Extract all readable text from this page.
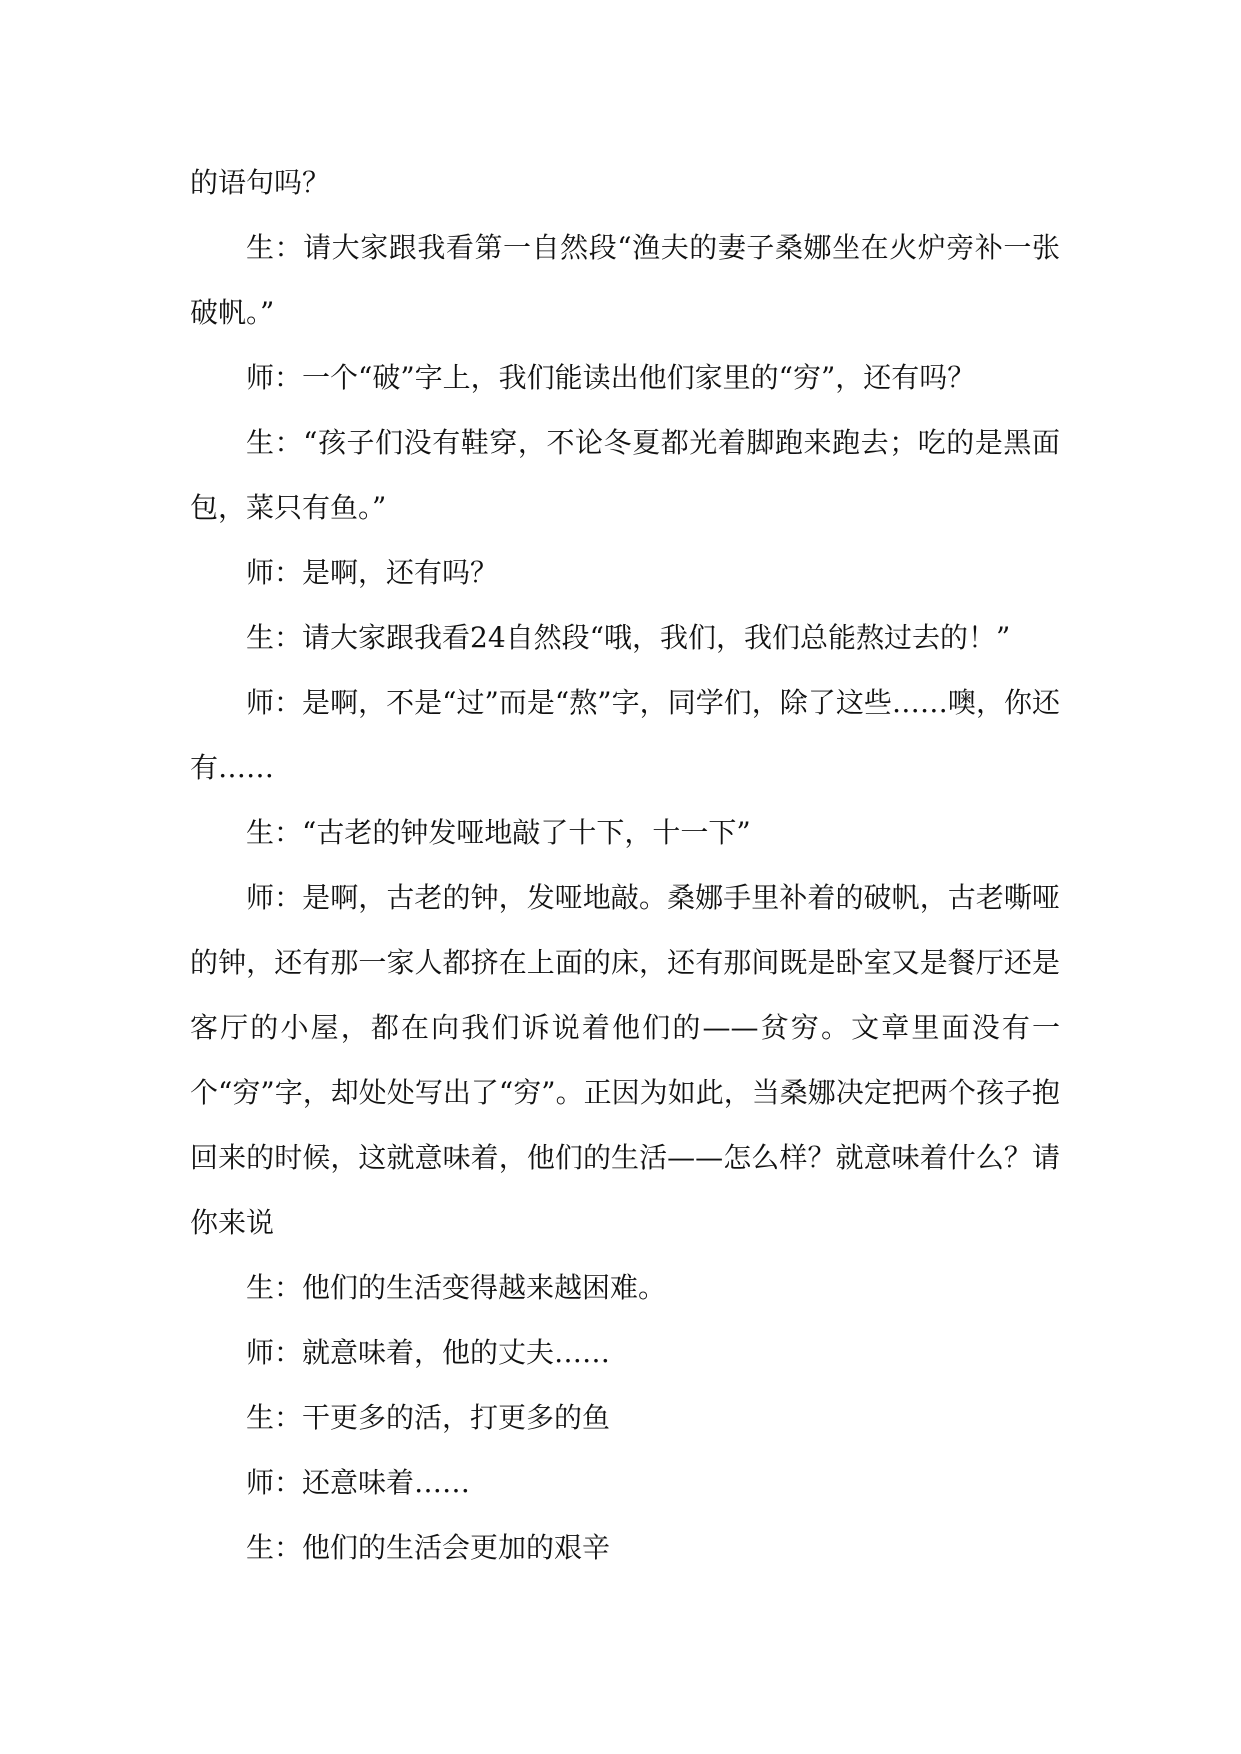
的语句吗？

生：请大家跟我看第一自然段“渔夫的妻子桑娜坐在火炉旁补一张破帆。”

师：一个“破”字上，我们能读出他们家里的“穷”，还有吗？

生：“孩子们没有鞋穿，不论冬夏都光着脚跑来跑去；吃的是黑面包，菜只有鱼。”

师：是啊，还有吗？

生：请大家跟我看24自然段“哦，我们，我们总能熬过去的！”

师：是啊，不是“过”而是“熬”字，同学们，除了这些……噢，你还有……

生：“古老的钟发哑地敲了十下，十一下”

师：是啊，古老的钟，发哑地敲。桑娜手里补着的破帆，古老嘶哑的钟，还有那一家人都挤在上面的床，还有那间既是卧室又是餐厅还是客厅的小屋，都在向我们诉说着他们的——贫穷。文章里面没有一个“穷”字，却处处写出了“穷”。正因为如此，当桑娜决定把两个孩子抱回来的时候，这就意味着，他们的生活——怎么样？就意味着什么？请你来说

生：他们的生活变得越来越困难。

师：就意味着，他的丈夫……

生：干更多的活，打更多的鱼

师：还意味着……

生：他们的生活会更加的艰辛
